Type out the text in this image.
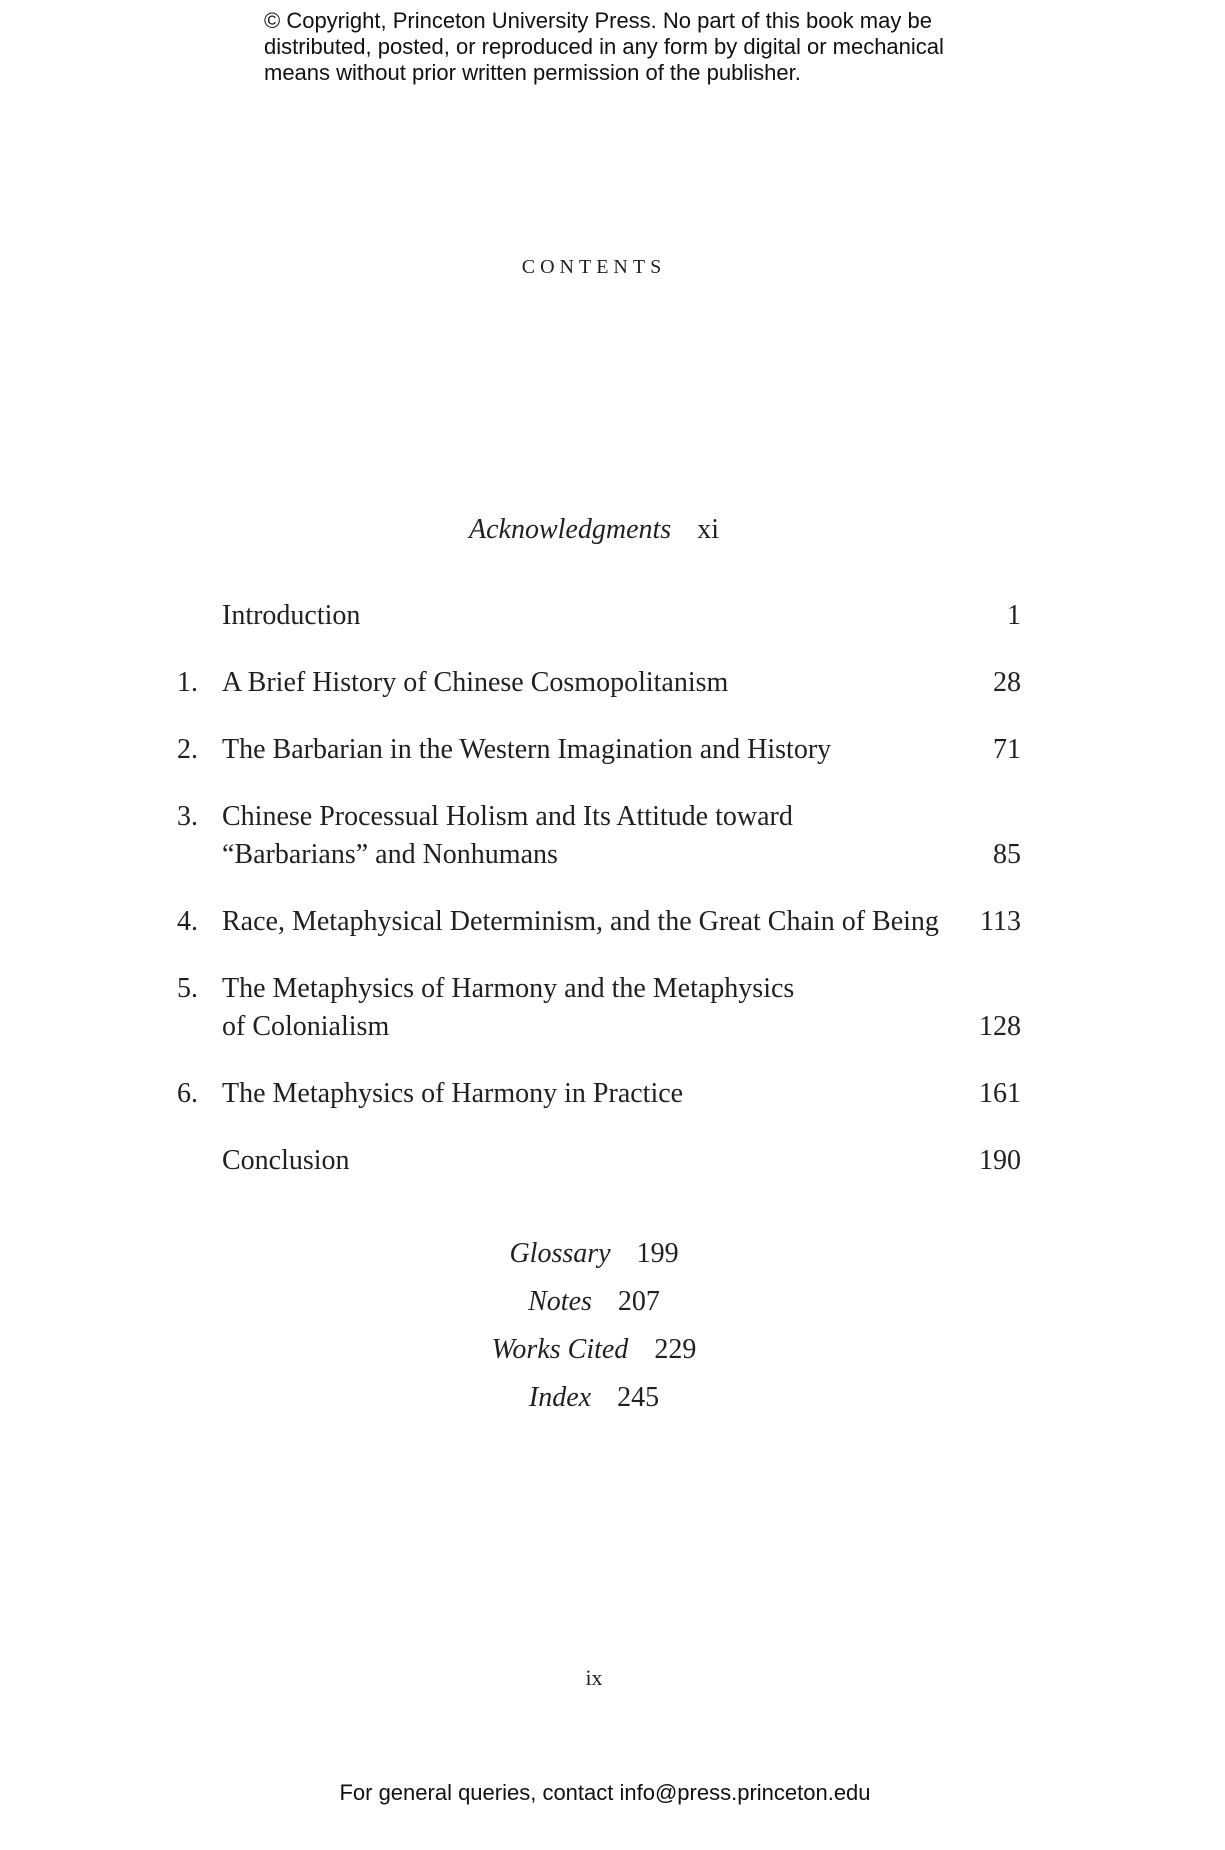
© Copyright, Princeton University Press. No part of this book may be
distributed, posted, or reproduced in any form by digital or mechanical
means without prior written permission of the publisher.
contents
Acknowledgments xi
Introduction	1
1. A Brief History of Chinese Cosmopolitanism	28
2. The Barbarian in the Western Imagination and History	71
3. Chinese Processual Holism and Its Attitude toward
“Barbarians” and Nonhumans	85
4. Race, Metaphysical Determinism, and the Great Chain of Being	113
5. The Metaphysics of Harmony and the Metaphysics
of Colonialism	128
6. The Metaphysics of Harmony in Practice	161
Conclusion	190
Glossary 199
Notes 207
Works Cited 229
Index 245
ix
For general queries, contact info@press.princeton.edu
